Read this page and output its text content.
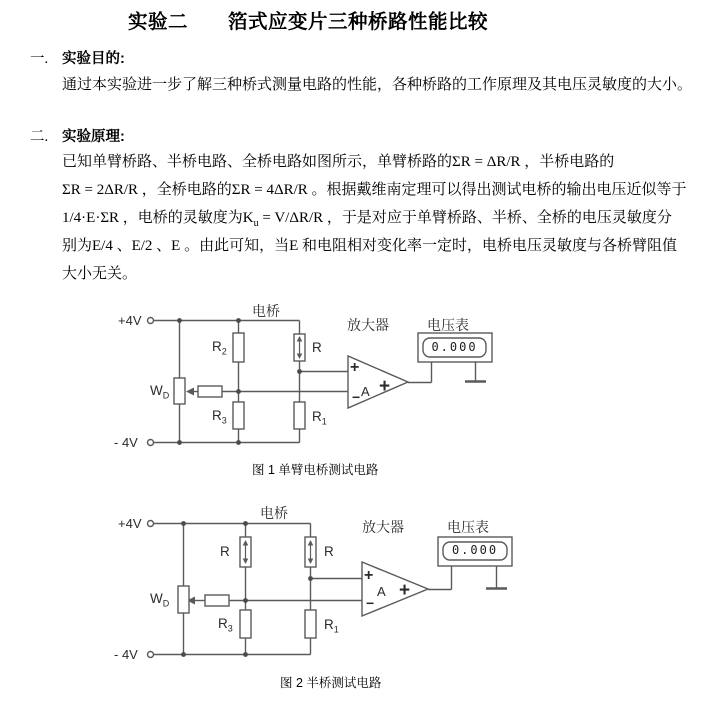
实验二 箔式应变片三种桥路性能比较
一. 实验目的:
通过本实验进一步了解三种桥式测量电路的性能，各种桥路的工作原理及其电压灵敏度的大小。
二. 实验原理:
已知单臂桥路、半桥电路、全桥电路如图所示，单臂桥路的ΣR = ΔR/R ，半桥电路的
ΣR = 2ΔR/R ，全桥电路的ΣR = 4ΔR/R 。根据戴维南定理可以得出测试电桥的输出电压近似等于
1/4·E·ΣR ，电桥的灵敏度为$K_u = V/\Delta R/R$ ，于是对应于单臂桥路、半桥、全桥的电压灵敏度分
别为E/4 、E/2 、E 。由此可知，当E 和电阻相对变化率一定时，电桥电压灵敏度与各桥臂阻值
大小无关。
电桥
+4V
- 4V
$W_D$
$R_2$	R
$R_3$	$R_1$
放大器	电压表
+
− A +
0.000
图 1 单臂电桥测试电路
电桥
+4V
- 4V
$W_D$
R	R
$R_3$	$R_1$
放大器	电压表
+
−
A +
0.000
图 2 半桥测试电路
